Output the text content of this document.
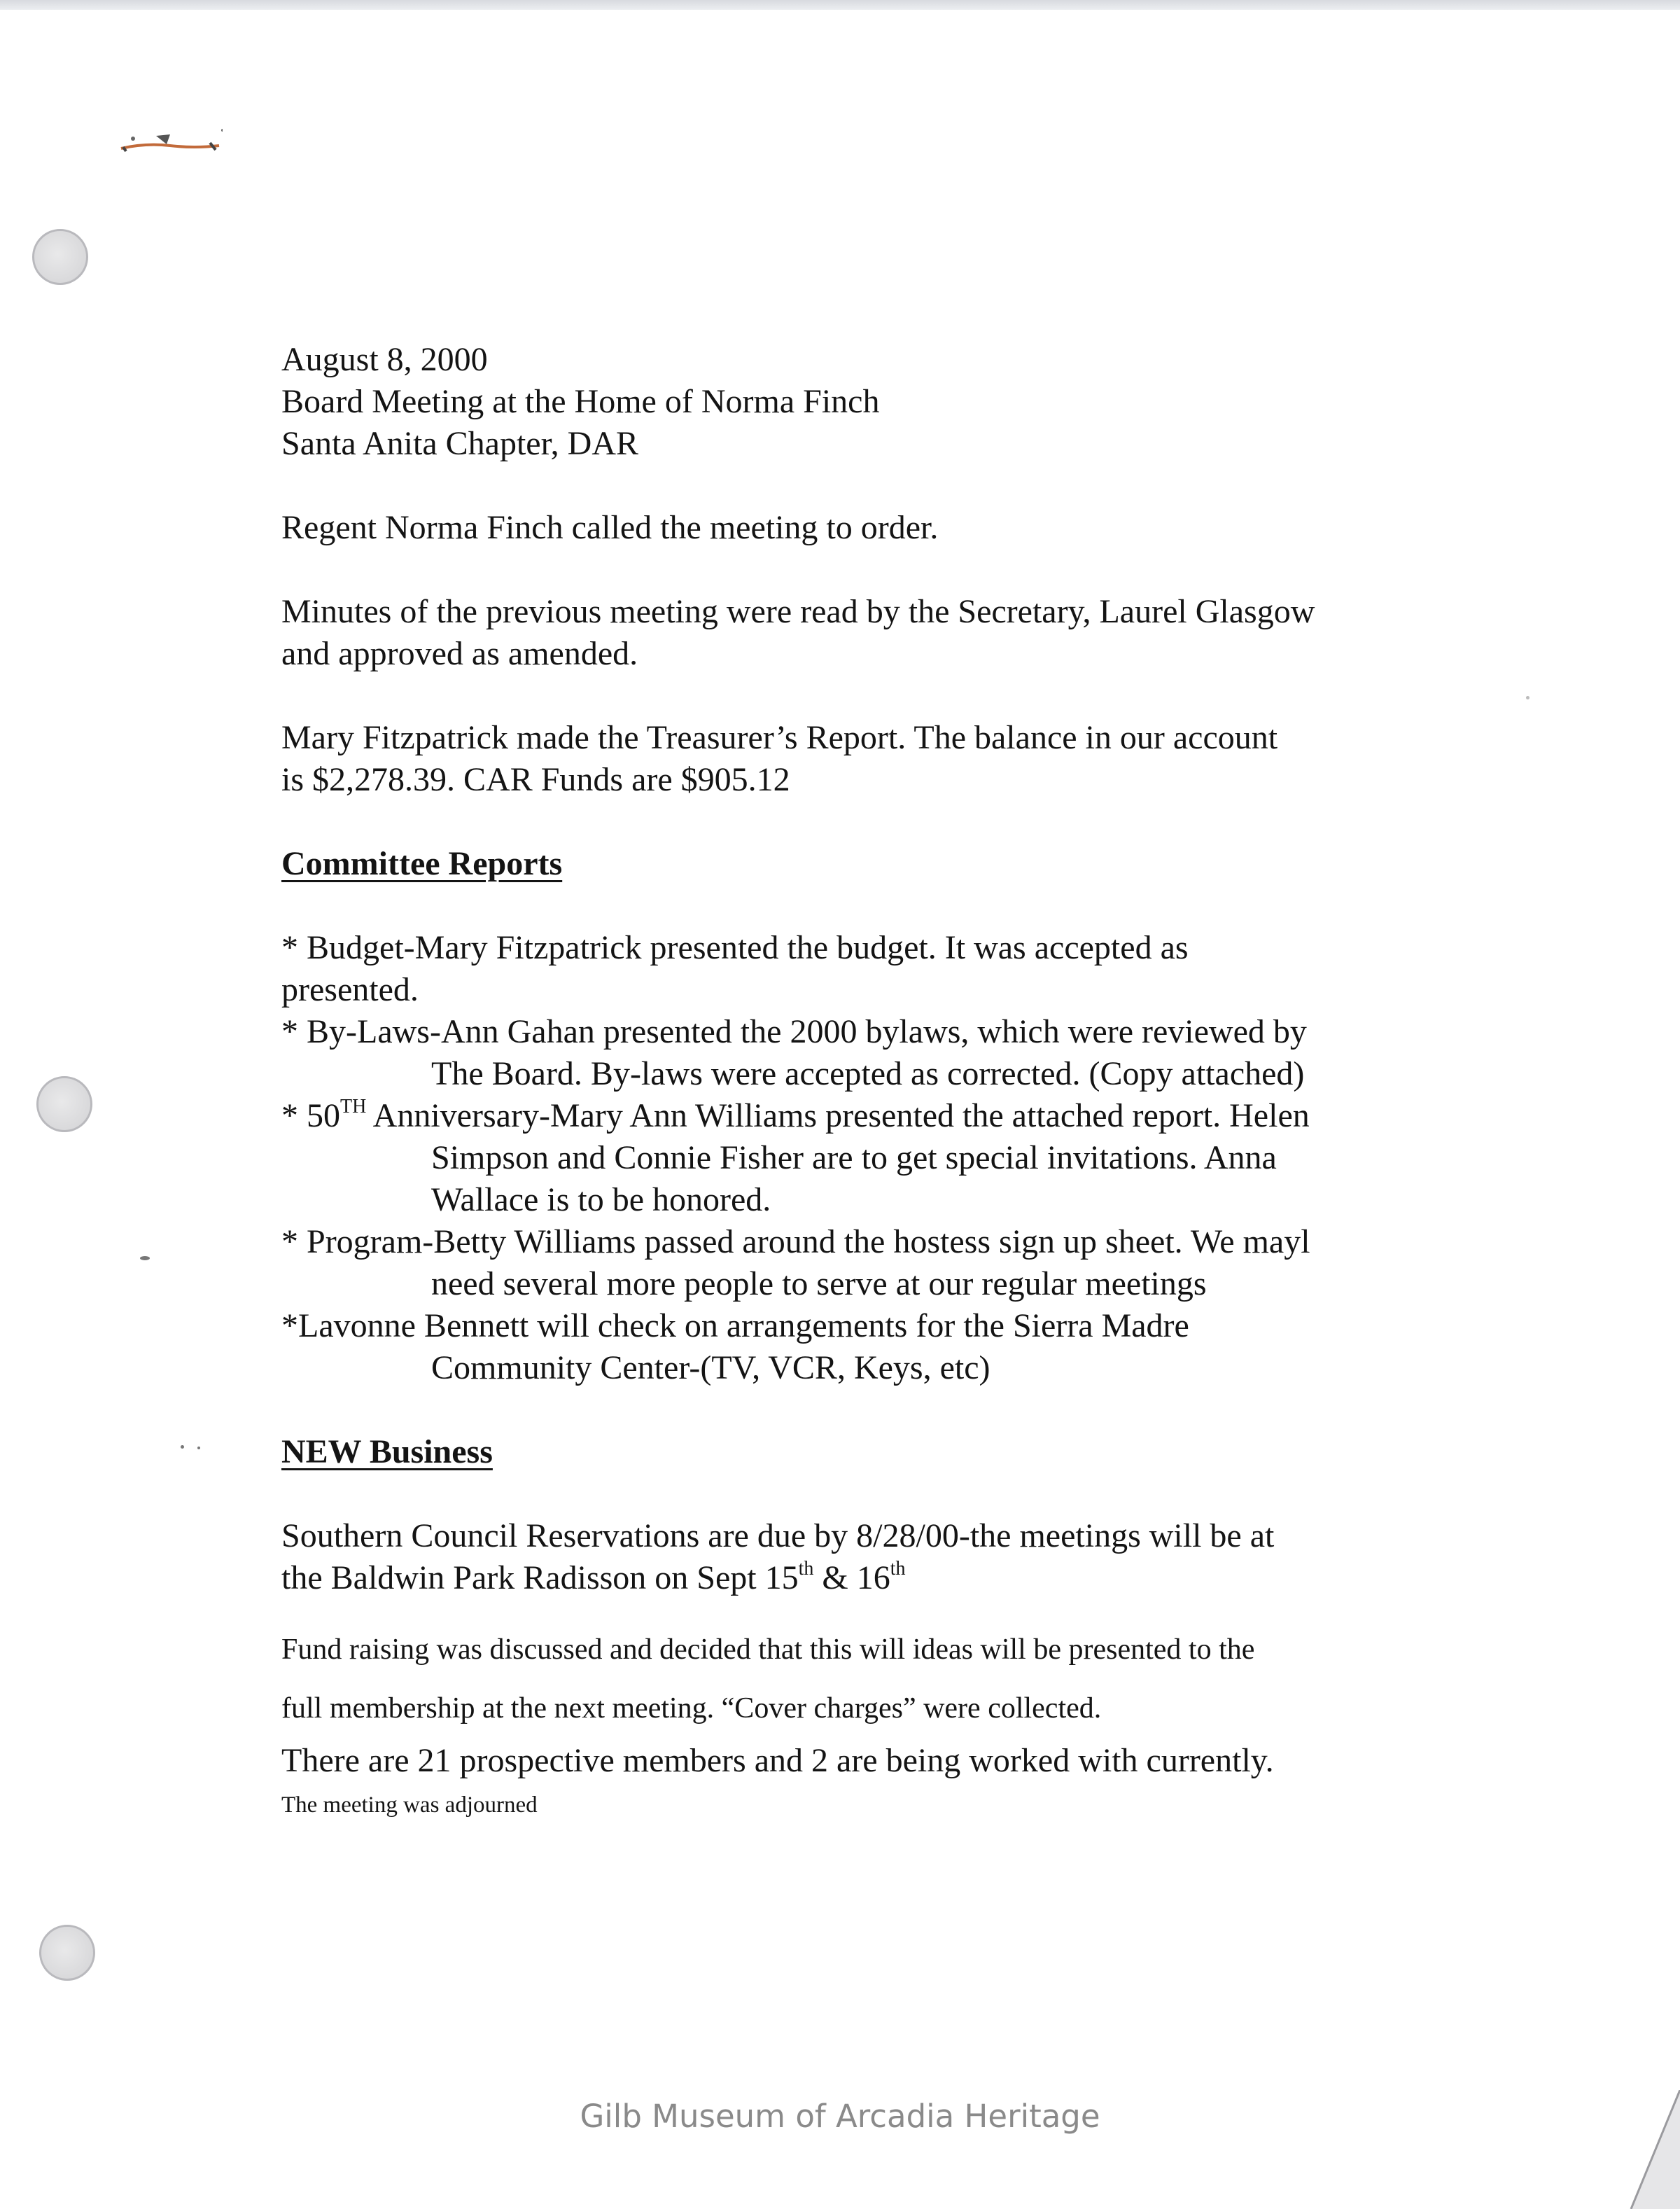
August 8, 2000

Board Meeting at the Home of Norma Finch

Santa Anita Chapter, DAR

Regent Norma Finch called the meeting to order.

Minutes of the previous meeting were read by the Secretary, Laurel Glasgow
and approved as amended.

Mary Fitzpatrick made the Treasurer’s Report. The balance in our account
is $2,278.39. CAR Funds are $905.12

Committee Reports

* Budget-Mary Fitzpatrick presented the budget. It was accepted as
presented.
* By-Laws-Ann Gahan presented the 2000 bylaws, which were reviewed by
The Board. By-laws were accepted as corrected. (Copy attached)
* 50TH Anniversary-Mary Ann Williams presented the attached report. Helen
Simpson and Connie Fisher are to get special invitations. Anna
Wallace is to be honored.
* Program-Betty Williams passed around the hostess sign up sheet. We mayl
need several more people to serve at our regular meetings
*Lavonne Bennett will check on arrangements for the Sierra Madre
Community Center-(TV, VCR, Keys, etc)

NEW Business

Southern Council Reservations are due by 8/28/00-the meetings will be at
the Baldwin Park Radisson on Sept 15th & 16th

Fund raising was discussed and decided that this will ideas will be presented to the
full membership at the next meeting. “Cover charges” were collected.

There are 21 prospective members and 2 are being worked with currently.

The meeting was adjourned

Gilb Museum of Arcadia Heritage
